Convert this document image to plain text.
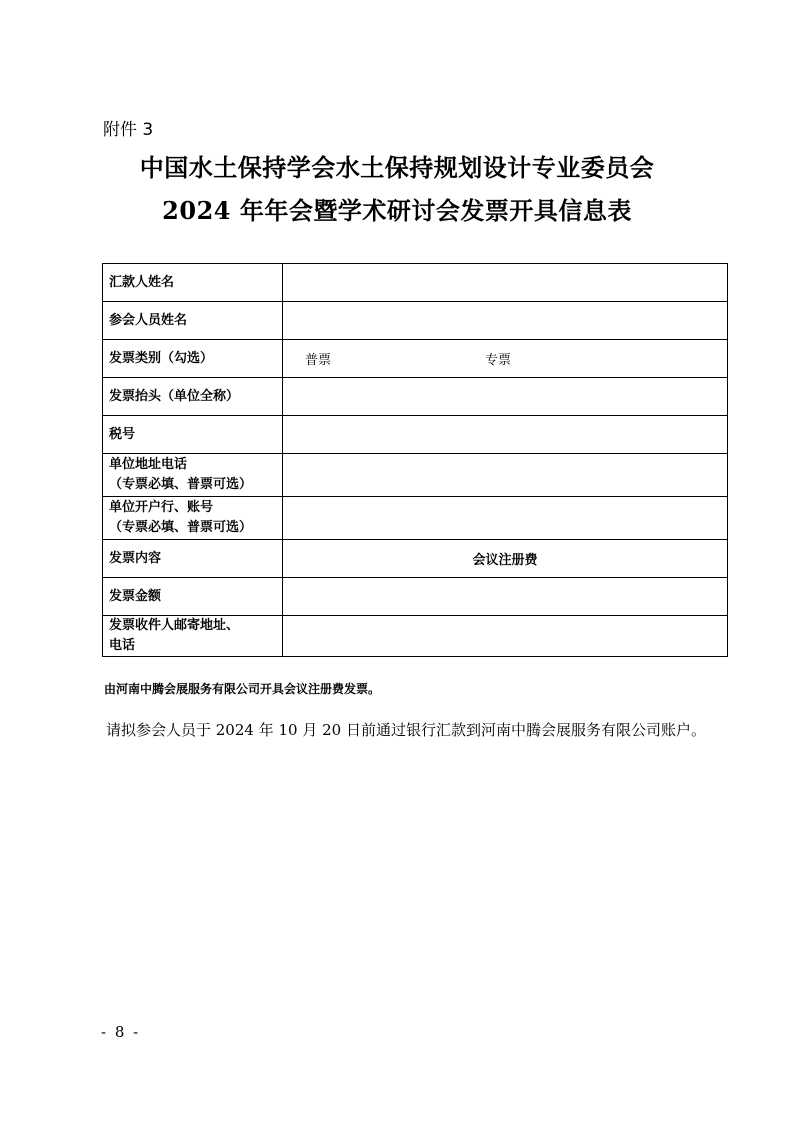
附件 3
中国水土保持学会水土保持规划设计专业委员会
2024 年年会暨学术研讨会发票开具信息表
汇款人姓名	
参会人员姓名	
发票类别（勾选）	普票 专票
发票抬头（单位全称）	
税号	

单位地址电话
（专票必填、普票可选）	

单位开户行、账号
（专票必填、普票可选）	

发票内容	会议注册费
发票金额	

发票收件人邮寄地址、
电话	

由河南中腾会展服务有限公司开具会议注册费发票。
请拟参会人员于 2024 年 10 月 20 日前通过银行汇款到河南中腾会展服务有限公司账户。
- 8 -
